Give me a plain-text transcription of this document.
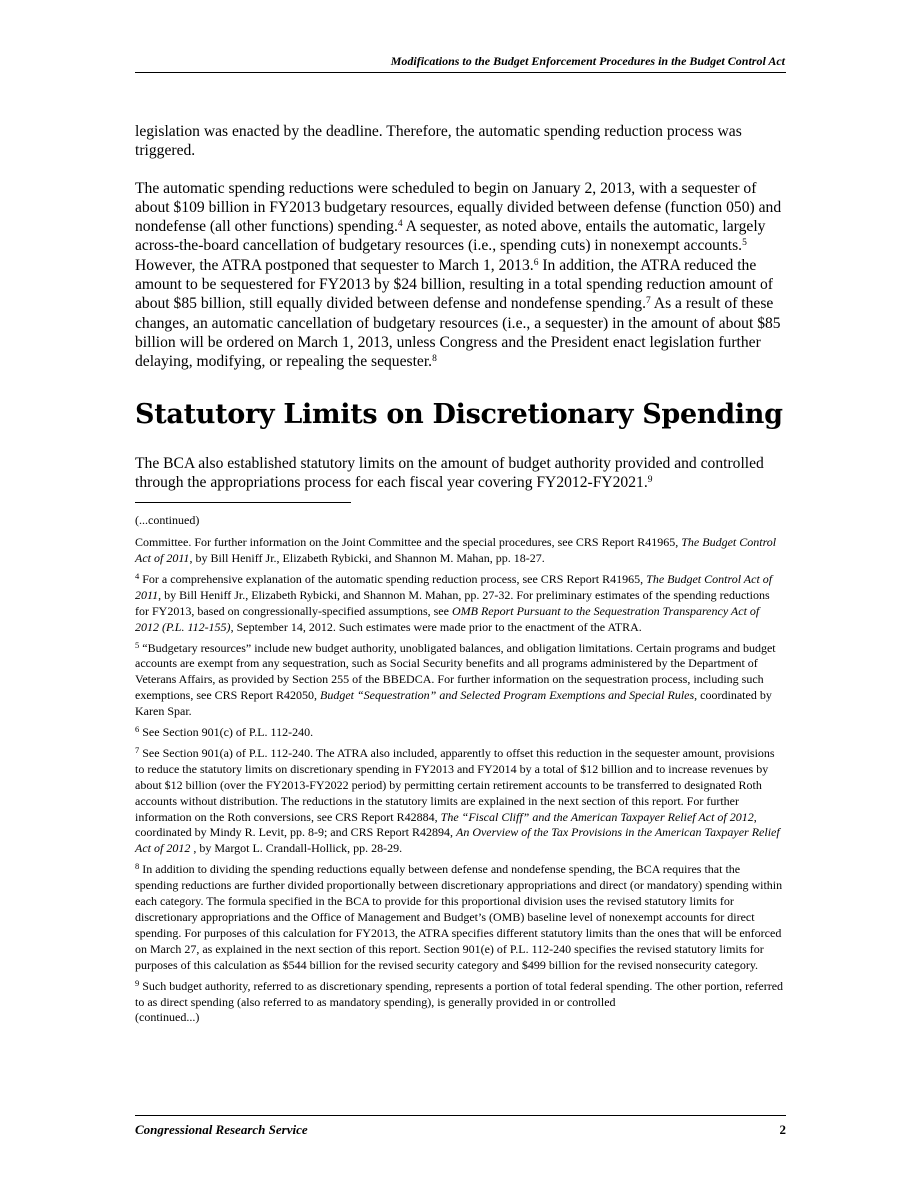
Modifications to the Budget Enforcement Procedures in the Budget Control Act

legislation was enacted by the deadline. Therefore, the automatic spending reduction process was triggered.

The automatic spending reductions were scheduled to begin on January 2, 2013, with a sequester of about $109 billion in FY2013 budgetary resources, equally divided between defense (function 050) and nondefense (all other functions) spending.$^4$ A sequester, as noted above, entails the automatic, largely across-the-board cancellation of budgetary resources (i.e., spending cuts) in nonexempt accounts.$^5$ However, the ATRA postponed that sequester to March 1, 2013.$^6$ In addition, the ATRA reduced the amount to be sequestered for FY2013 by $24 billion, resulting in a total spending reduction amount of about $85 billion, still equally divided between defense and nondefense spending.$^7$ As a result of these changes, an automatic cancellation of budgetary resources (i.e., a sequester) in the amount of about $85 billion will be ordered on March 1, 2013, unless Congress and the President enact legislation further delaying, modifying, or repealing the sequester.$^8$

Statutory Limits on Discretionary Spending

The BCA also established statutory limits on the amount of budget authority provided and controlled through the appropriations process for each fiscal year covering FY2012-FY2021.$^9$

(...continued)

Committee. For further information on the Joint Committee and the special procedures, see CRS Report R41965, The Budget Control Act of 2011, by Bill Heniff Jr., Elizabeth Rybicki, and Shannon M. Mahan, pp. 18-27.

$^4$ For a comprehensive explanation of the automatic spending reduction process, see CRS Report R41965, The Budget Control Act of 2011, by Bill Heniff Jr., Elizabeth Rybicki, and Shannon M. Mahan, pp. 27-32. For preliminary estimates of the spending reductions for FY2013, based on congressionally-specified assumptions, see OMB Report Pursuant to the Sequestration Transparency Act of 2012 (P.L. 112-155), September 14, 2012. Such estimates were made prior to the enactment of the ATRA.

$^5$ “Budgetary resources” include new budget authority, unobligated balances, and obligation limitations. Certain programs and budget accounts are exempt from any sequestration, such as Social Security benefits and all programs administered by the Department of Veterans Affairs, as provided by Section 255 of the BBEDCA. For further information on the sequestration process, including such exemptions, see CRS Report R42050, Budget “Sequestration” and Selected Program Exemptions and Special Rules, coordinated by Karen Spar.

$^6$ See Section 901(c) of P.L. 112-240.

$^7$ See Section 901(a) of P.L. 112-240. The ATRA also included, apparently to offset this reduction in the sequester amount, provisions to reduce the statutory limits on discretionary spending in FY2013 and FY2014 by a total of $12 billion and to increase revenues by about $12 billion (over the FY2013-FY2022 period) by permitting certain retirement accounts to be transferred to designated Roth accounts without distribution. The reductions in the statutory limits are explained in the next section of this report. For further information on the Roth conversions, see CRS Report R42884, The “Fiscal Cliff” and the American Taxpayer Relief Act of 2012, coordinated by Mindy R. Levit, pp. 8-9; and CRS Report R42894, An Overview of the Tax Provisions in the American Taxpayer Relief Act of 2012 , by Margot L. Crandall-Hollick, pp. 28-29.

$^8$ In addition to dividing the spending reductions equally between defense and nondefense spending, the BCA requires that the spending reductions are further divided proportionally between discretionary appropriations and direct (or mandatory) spending within each category. The formula specified in the BCA to provide for this proportional division uses the revised statutory limits for discretionary appropriations and the Office of Management and Budget’s (OMB) baseline level of nonexempt accounts for direct spending. For purposes of this calculation for FY2013, the ATRA specifies different statutory limits than the ones that will be enforced on March 27, as explained in the next section of this report. Section 901(e) of P.L. 112-240 specifies the revised statutory limits for purposes of this calculation as $544 billion for the revised security category and $499 billion for the revised nonsecurity category.

$^9$ Such budget authority, referred to as discretionary spending, represents a portion of total federal spending. The other portion, referred to as direct spending (also referred to as mandatory spending), is generally provided in or controlled

(continued...)

Congressional Research Service	2
